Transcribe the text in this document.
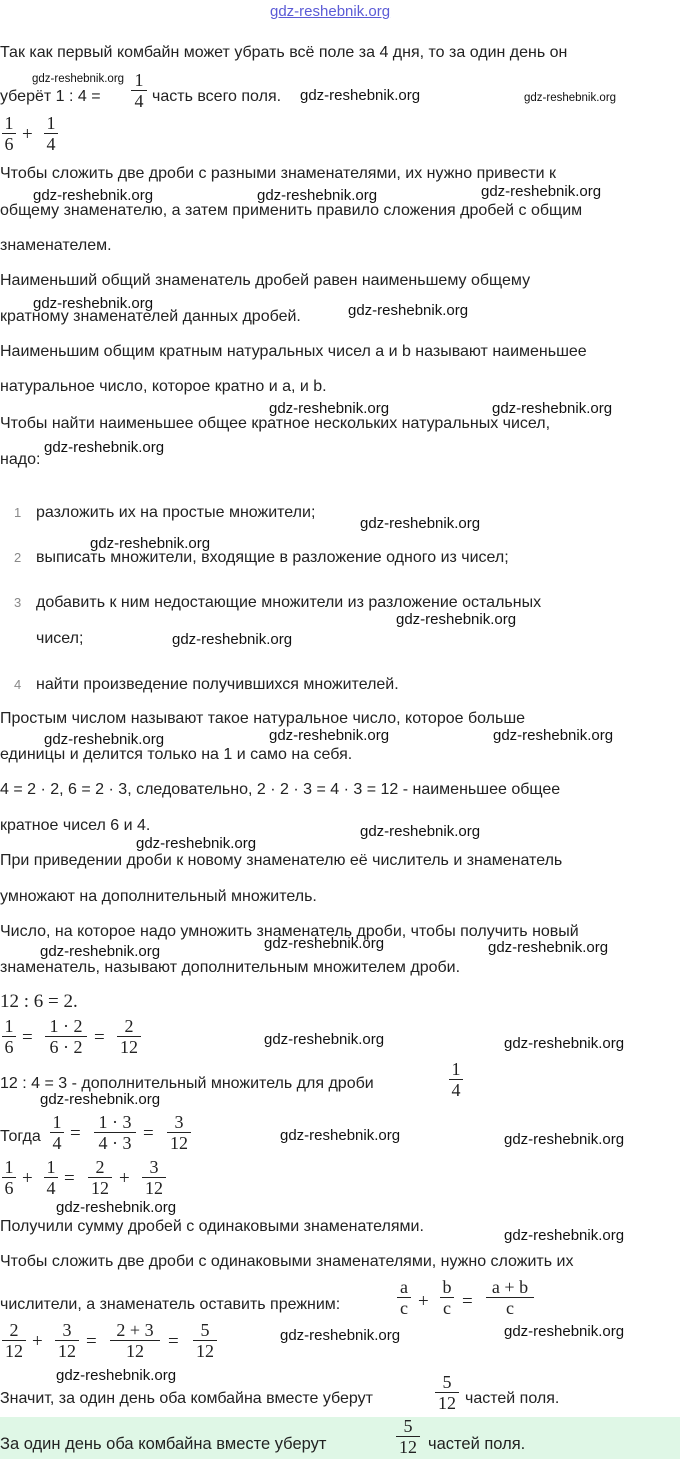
gdz-reshebnik.org
Так как первый комбайн может убрать всё поле за 4 дня, то за один день он
уберёт 1 : 4 =
1
4 часть всего поля.
1
6 +
1
4
Чтобы сложить две дроби с разными знаменателями, их нужно привести к
общему знаменателю, а затем применить правило сложения дробей с общим
знаменателем.
Наименьший общий знаменатель дробей равен наименьшему общему
кратному знаменателей данных дробей.
Наименьшим общим кратным натуральных чисел a и b называют наименьшее
натуральное число, которое кратно и a, и b.
Чтобы найти наименьшее общее кратное нескольких натуральных чисел,
надо:
1 разложить их на простые множители;
2 выписать множители, входящие в разложение одного из чисел;
3 добавить к ним недостающие множители из разложение остальных
чисел;
4 найти произведение получившихся множителей.
Простым числом называют такое натуральное число, которое больше
единицы и делится только на 1 и само на себя.
4 = 2 · 2, 6 = 2 · 3, следовательно, 2 · 2 · 3 = 4 · 3 = 12 - наименьшее общее
кратное чисел 6 и 4.
При приведении дроби к новому знаменателю её числитель и знаменатель
умножают на дополнительный множитель.
Число, на которое надо умножить знаменатель дроби, чтобы получить новый
знаменатель, называют дополнительным множителем дроби.
12 : 6 = 2.
1
6 =
1 · 2
6 · 2 =
2
12
12 : 4 = 3 - дополнительный множитель для дроби
1
4
Тогда
1
4 =
1 · 3
4 · 3 =
3
12
1
6 +
1
4 =
2
12 +
3
12
Получили сумму дробей с одинаковыми знаменателями.
Чтобы сложить две дроби с одинаковыми знаменателями, нужно сложить их
числители, а знаменатель оставить прежним:
a
c +
b
c =
a + b
c
2
12 +
3
12 =
2 + 3
12	=
5
12
Значит, за один день оба комбайна вместе уберут
5
12 частей поля.
За один день оба комбайна вместе уберут
5
12 частей поля.
gdz-reshebnik.org
gdz-reshebnik.org	gdz-reshebnik.org
gdz-reshebnik.org	gdz-reshebnik.org	gdz-reshebnik.org
gdz-reshebnik.org	gdz-reshebnik.org
gdz-reshebnik.org	gdz-reshebnik.org
gdz-reshebnik.org
gdz-reshebnik.org
gdz-reshebnik.org
gdz-reshebnik.org
gdz-reshebnik.org
gdz-reshebnik.org	gdz-reshebnik.org	gdz-reshebnik.org
gdz-reshebnik.org
gdz-reshebnik.org
gdz-reshebnik.org
gdz-reshebnik.org	gdz-reshebnik.org
gdz-reshebnik.org	gdz-reshebnik.org
gdz-reshebnik.org
gdz-reshebnik.org	gdz-reshebnik.org
gdz-reshebnik.org
gdz-reshebnik.org
gdz-reshebnik.org	gdz-reshebnik.org
gdz-reshebnik.org
